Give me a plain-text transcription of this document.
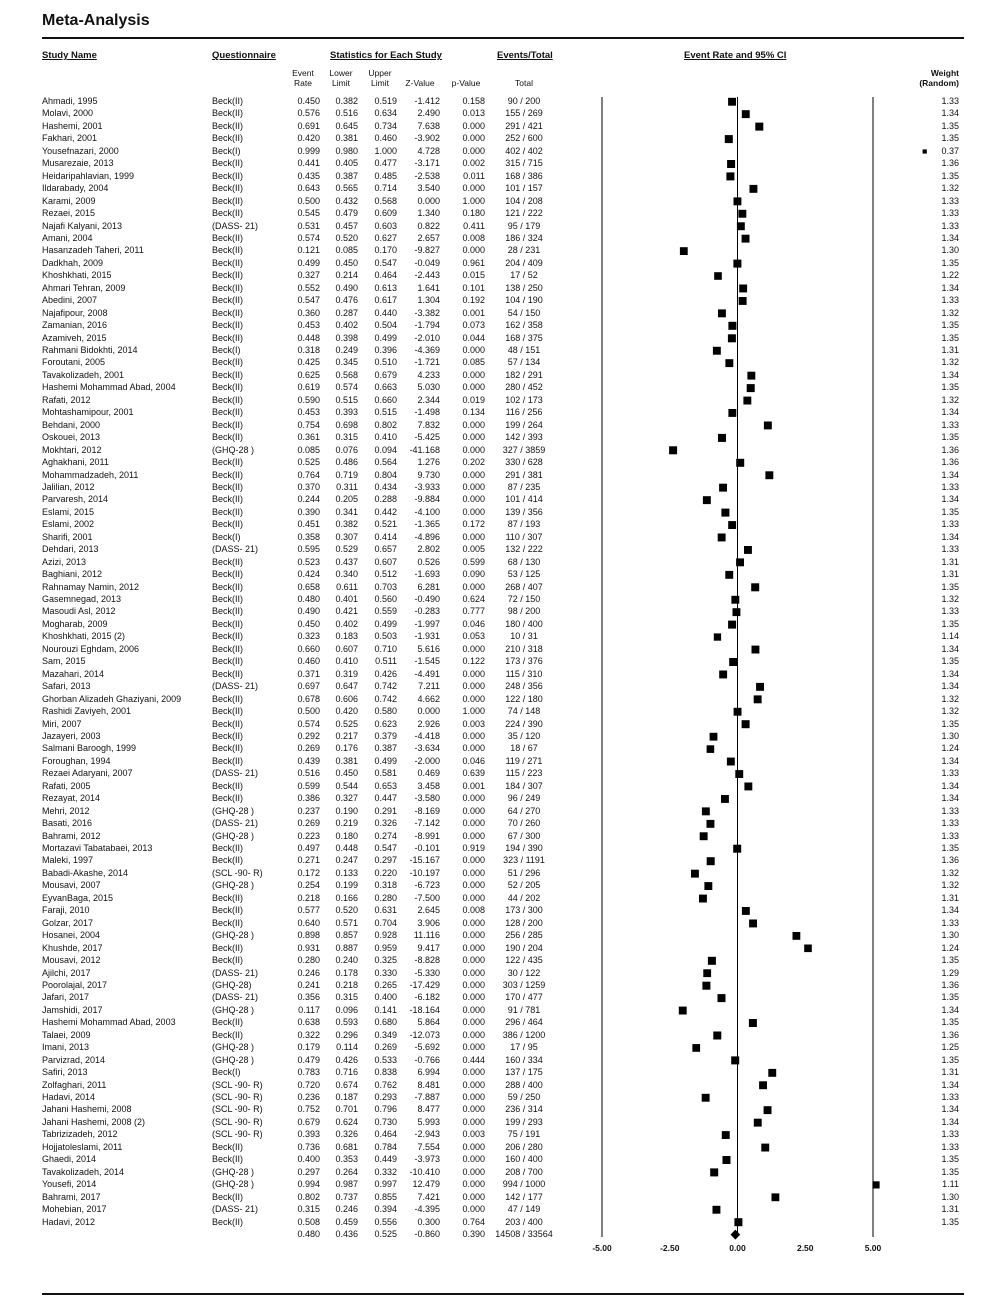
Meta-Analysis
Study Name	Questionnaire	Statistics for Each Study	Events/Total	Event Rate and 95% CI
Event Rate
Lower Limit
Upper Limit	Z-Value	p-Value	Total
Weight (Random)
Ahmadi, 1995	Beck(II)	0.450	0.382	0.519	-1.412	0.158	90 / 200	1.33
Molavi, 2000	Beck(II)	0.576	0.516	0.634	2.490	0.013	155 / 269	1.34
Hashemi, 2001	Beck(II)	0.691	0.645	0.734	7.638	0.000	291 / 421	1.35
Fakhari, 2001	Beck(II)	0.420	0.381	0.460	-3.902	0.000	252 / 600	1.35
Yousefnazari, 2000	Beck(I)	0.999	0.980	1.000	4.728	0.000	402 / 402	0.37
Musarezaie, 2013	Beck(II)	0.441	0.405	0.477	-3.171	0.002	315 / 715	1.36
Heidaripahlavian, 1999	Beck(II)	0.435	0.387	0.485	-2.538	0.011	168 / 386	1.35
Ildarabady, 2004	Beck(II)	0.643	0.565	0.714	3.540	0.000	101 / 157	1.32
Karami, 2009	Beck(II)	0.500	0.432	0.568	0.000	1.000	104 / 208	1.33
Rezaei, 2015	Beck(II)	0.545	0.479	0.609	1.340	0.180	121 / 222	1.33
Najafi Kalyani, 2013	(DASS- 21)	0.531	0.457	0.603	0.822	0.411	95 / 179	1.33
Amani, 2004	Beck(II)	0.574	0.520	0.627	2.657	0.008	186 / 324	1.34
Hasanzadeh Taheri, 2011	Beck(II)	0.121	0.085	0.170	-9.827	0.000	28 / 231	1.30
Dadkhah, 2009	Beck(II)	0.499	0.450	0.547	-0.049	0.961	204 / 409	1.35
Khoshkhati, 2015	Beck(II)	0.327	0.214	0.464	-2.443	0.015	17 / 52	1.22
Ahmari Tehran, 2009	Beck(II)	0.552	0.490	0.613	1.641	0.101	138 / 250	1.34
Abedini, 2007	Beck(II)	0.547	0.476	0.617	1.304	0.192	104 / 190	1.33
Najafipour, 2008	Beck(II)	0.360	0.287	0.440	-3.382	0.001	54 / 150	1.32
Zamanian, 2016	Beck(II)	0.453	0.402	0.504	-1.794	0.073	162 / 358	1.35
Azamiveh, 2015	Beck(II)	0.448	0.398	0.499	-2.010	0.044	168 / 375	1.35
Rahmani Bidokhti, 2014	Beck(I)	0.318	0.249	0.396	-4.369	0.000	48 / 151	1.31
Foroutani, 2005	Beck(II)	0.425	0.345	0.510	-1.721	0.085	57 / 134	1.32
Tavakolizadeh, 2001	Beck(II)	0.625	0.568	0.679	4.233	0.000	182 / 291	1.34
Hashemi Mohammad Abad, 2004	Beck(II)	0.619	0.574	0.663	5.030	0.000	280 / 452	1.35
Rafati, 2012	Beck(II)	0.590	0.515	0.660	2.344	0.019	102 / 173	1.32
Mohtashamipour, 2001	Beck(II)	0.453	0.393	0.515	-1.498	0.134	116 / 256	1.34
Behdani, 2000	Beck(II)	0.754	0.698	0.802	7.832	0.000	199 / 264	1.33
Oskouei, 2013	Beck(II)	0.361	0.315	0.410	-5.425	0.000	142 / 393	1.35
Mokhtari, 2012	(GHQ-28 )	0.085	0.076	0.094	-41.168	0.000	327 / 3859	1.36
Aghakhani, 2011	Beck(II)	0.525	0.486	0.564	1.276	0.202	330 / 628	1.36
Mohammadzadeh, 2011	Beck(II)	0.764	0.719	0.804	9.730	0.000	291 / 381	1.34
Jalilian, 2012	Beck(II)	0.370	0.311	0.434	-3.933	0.000	87 / 235	1.33
Parvaresh, 2014	Beck(II)	0.244	0.205	0.288	-9.884	0.000	101 / 414	1.34
Eslami, 2015	Beck(II)	0.390	0.341	0.442	-4.100	0.000	139 / 356	1.35
Eslami, 2002	Beck(II)	0.451	0.382	0.521	-1.365	0.172	87 / 193	1.33
Sharifi, 2001	Beck(I)	0.358	0.307	0.414	-4.896	0.000	110 / 307	1.34
Dehdari, 2013	(DASS- 21)	0.595	0.529	0.657	2.802	0.005	132 / 222	1.33
Azizi, 2013	Beck(II)	0.523	0.437	0.607	0.526	0.599	68 / 130	1.31
Baghiani, 2012	Beck(II)	0.424	0.340	0.512	-1.693	0.090	53 / 125	1.31
Rahnamay Namin, 2012	Beck(II)	0.658	0.611	0.703	6.281	0.000	268 / 407	1.35
Gasemnegad, 2013	Beck(II)	0.480	0.401	0.560	-0.490	0.624	72 / 150	1.32
Masoudi Asl, 2012	Beck(II)	0.490	0.421	0.559	-0.283	0.777	98 / 200	1.33
Mogharab, 2009	Beck(II)	0.450	0.402	0.499	-1.997	0.046	180 / 400	1.35
Khoshkhati, 2015 (2)	Beck(II)	0.323	0.183	0.503	-1.931	0.053	10 / 31	1.14
Nourouzi Eghdam, 2006	Beck(II)	0.660	0.607	0.710	5.616	0.000	210 / 318	1.34
Sam, 2015	Beck(II)	0.460	0.410	0.511	-1.545	0.122	173 / 376	1.35
Mazahari, 2014	Beck(II)	0.371	0.319	0.426	-4.491	0.000	115 / 310	1.34
Safari, 2013	(DASS- 21)	0.697	0.647	0.742	7.211	0.000	248 / 356	1.34
Ghorban Alizadeh Ghaziyani, 2009	Beck(II)	0.678	0.606	0.742	4.662	0.000	122 / 180	1.32
Rashidi Zaviyeh, 2001	Beck(II)	0.500	0.420	0.580	0.000	1.000	74 / 148	1.32
Miri, 2007	Beck(II)	0.574	0.525	0.623	2.926	0.003	224 / 390	1.35
Jazayeri, 2003	Beck(II)	0.292	0.217	0.379	-4.418	0.000	35 / 120	1.30
Salmani Baroogh, 1999	Beck(II)	0.269	0.176	0.387	-3.634	0.000	18 / 67	1.24
Foroughan, 1994	Beck(II)	0.439	0.381	0.499	-2.000	0.046	119 / 271	1.34
Rezaei Adaryani, 2007	(DASS- 21)	0.516	0.450	0.581	0.469	0.639	115 / 223	1.33
Rafati, 2005	Beck(II)	0.599	0.544	0.653	3.458	0.001	184 / 307	1.34
Rezayat, 2014	Beck(II)	0.386	0.327	0.447	-3.580	0.000	96 / 249	1.34
Mehri, 2012	(GHQ-28 )	0.237	0.190	0.291	-8.169	0.000	64 / 270	1.33
Basati, 2016	(DASS- 21)	0.269	0.219	0.326	-7.142	0.000	70 / 260	1.33
Bahrami, 2012	(GHQ-28 )	0.223	0.180	0.274	-8.991	0.000	67 / 300	1.33
Mortazavi Tabatabaei, 2013	Beck(II)	0.497	0.448	0.547	-0.101	0.919	194 / 390	1.35
Maleki, 1997	Beck(II)	0.271	0.247	0.297	-15.167	0.000	323 / 1191	1.36
Babadi-Akashe, 2014	(SCL -90- R)	0.172	0.133	0.220	-10.197	0.000	51 / 296	1.32
Mousavi, 2007	(GHQ-28 )	0.254	0.199	0.318	-6.723	0.000	52 / 205	1.32
EyvanBaga, 2015	Beck(II)	0.218	0.166	0.280	-7.500	0.000	44 / 202	1.31
Faraji, 2010	Beck(II)	0.577	0.520	0.631	2.645	0.008	173 / 300	1.34
Golzar, 2017	Beck(II)	0.640	0.571	0.704	3.906	0.000	128 / 200	1.33
Hosanei, 2004	(GHQ-28 )	0.898	0.857	0.928	11.116	0.000	256 / 285	1.30
Khushde, 2017	Beck(II)	0.931	0.887	0.959	9.417	0.000	190 / 204	1.24
Mousavi, 2012	Beck(II)	0.280	0.240	0.325	-8.828	0.000	122 / 435	1.35
Ajilchi, 2017	(DASS- 21)	0.246	0.178	0.330	-5.330	0.000	30 / 122	1.29
Poorolajal, 2017	(GHQ-28)	0.241	0.218	0.265	-17.429	0.000	303 / 1259	1.36
Jafari, 2017	(DASS- 21)	0.356	0.315	0.400	-6.182	0.000	170 / 477	1.35
Jamshidi, 2017	(GHQ-28 )	0.117	0.096	0.141	-18.164	0.000	91 / 781	1.34
Hashemi Mohammad Abad, 2003	Beck(II)	0.638	0.593	0.680	5.864	0.000	296 / 464	1.35
Talaei, 2009	Beck(II)	0.322	0.296	0.349	-12.073	0.000	386 / 1200	1.36
Imani, 2013	(GHQ-28 )	0.179	0.114	0.269	-5.692	0.000	17 / 95	1.25
Parvizrad, 2014	(GHQ-28 )	0.479	0.426	0.533	-0.766	0.444	160 / 334	1.35
Safiri, 2013	Beck(I)	0.783	0.716	0.838	6.994	0.000	137 / 175	1.31
Zolfaghari, 2011	(SCL -90- R)	0.720	0.674	0.762	8.481	0.000	288 / 400	1.34
Hadavi, 2014	(SCL -90- R)	0.236	0.187	0.293	-7.887	0.000	59 / 250	1.33
Jahani Hashemi, 2008	(SCL -90- R)	0.752	0.701	0.796	8.477	0.000	236 / 314	1.34
Jahani Hashemi, 2008 (2)	(SCL -90- R)	0.679	0.624	0.730	5.993	0.000	199 / 293	1.34
Tabrizizadeh, 2012	(SCL -90- R)	0.393	0.326	0.464	-2.943	0.003	75 / 191	1.33
Hojjatoleslami, 2011	Beck(II)	0.736	0.681	0.784	7.554	0.000	206 / 280	1.33
Ghaedi, 2014	Beck(II)	0.400	0.353	0.449	-3.973	0.000	160 / 400	1.35
Tavakolizadeh, 2014	(GHQ-28 )	0.297	0.264	0.332	-10.410	0.000	208 / 700	1.35
Yousefi, 2014	(GHQ-28 )	0.994	0.987	0.997	12.479	0.000	994 / 1000	1.11
Bahrami, 2017	Beck(II)	0.802	0.737	0.855	7.421	0.000	142 / 177	1.30
Mohebian, 2017	(DASS- 21)	0.315	0.246	0.394	-4.395	0.000	47 / 149	1.31
Hadavi, 2012	Beck(II)	0.508	0.459	0.556	0.300	0.764	203 / 400	1.35
0.480	0.436	0.525	-0.860	0.390 14508 / 33564
-5.00	-2.50	0.00	2.50	5.00
